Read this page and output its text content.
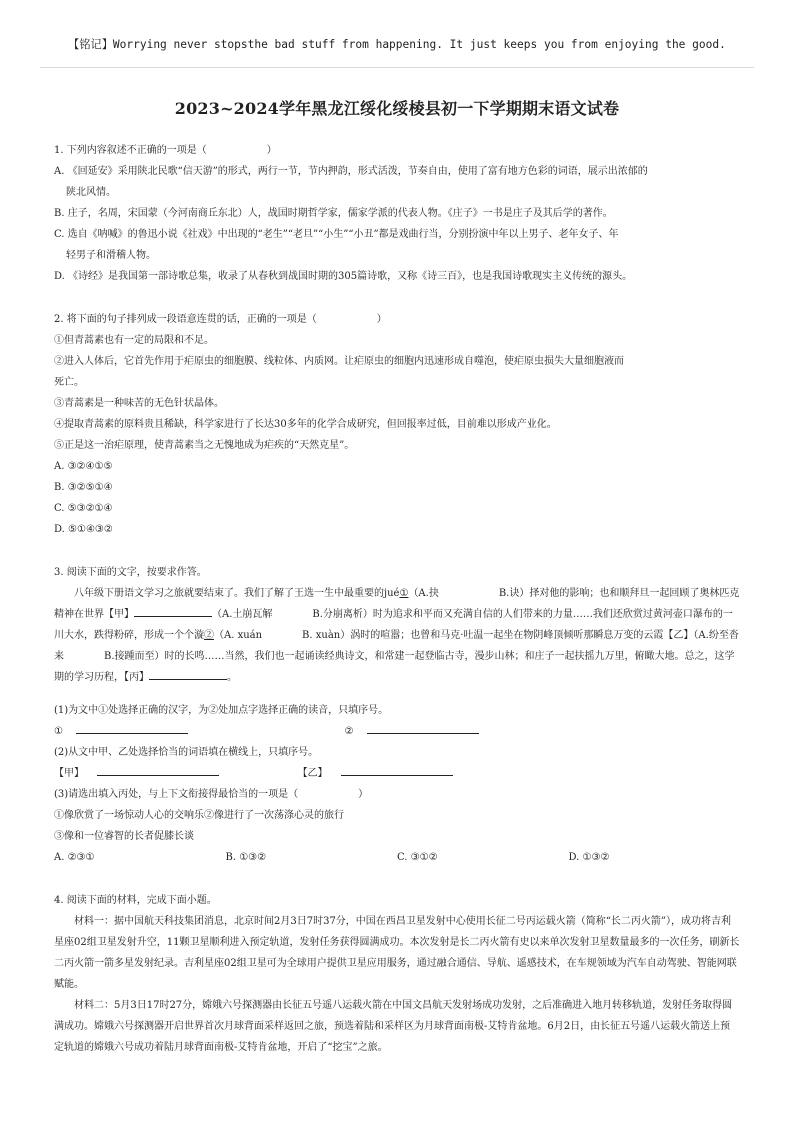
【铭记】Worrying never stopsthe bad stuff from happening. It just keeps you from enjoying the good.
2023~2024学年黑龙江绥化绥棱县初一下学期期末语文试卷
1. 下列内容叙述不正确的一项是（　　　　　　）
A. 《回延安》采用陕北民歌“信天游”的形式，两行一节，节内押韵，形式活泼，节奏自由，使用了富有地方色彩的词语，展示出浓郁的
陕北风情。
B. 庄子，名周，宋国蒙（今河南商丘东北）人，战国时期哲学家，儒家学派的代表人物。《庄子》一书是庄子及其后学的著作。
C. 选自《呐喊》的鲁迅小说《社戏》中出现的“老生”“老旦”“小生”“小丑”都是戏曲行当，分别扮演中年以上男子、老年女子、年
轻男子和滑稽人物。
D. 《诗经》是我国第一部诗歌总集，收录了从春秋到战国时期的305篇诗歌，又称《诗三百》，也是我国诗歌现实主义传统的源头。
2. 将下面的句子排列成一段语意连贯的话，正确的一项是（　　　　　　）
①但青蒿素也有一定的局限和不足。
②进入人体后，它首先作用于疟原虫的细胞膜、线粒体、内质网。让疟原虫的细胞内迅速形成自噬泡，使疟原虫损失大量细胞液而
死亡。
③青蒿素是一种味苦的无色针状晶体。
④提取青蒿素的原料贵且稀缺，科学家进行了长达30多年的化学合成研究，但回报率过低，目前难以形成产业化。
⑤正是这一治疟原理，使青蒿素当之无愧地成为疟疾的“天然克星”。
A. ③②④①⑤
B. ③②⑤①④
C. ⑤③②①④
D. ⑤①④③②
3. 阅读下面的文字，按要求作答。
八年级下册语文学习之旅就要结束了。我们了解了王选一生中最重要的jué①（A.抉　　　　　　B.诀）择对他的影响；也和顺拜旦一起回顾了奥林匹克精神在世界【甲】	（A.土崩瓦解　　　　B.分崩离析）时为追求和平而又充满自信的人们带来的力量……我们还欣赏过黄河壶口瀑布的一川大水，跌得粉碎，形成一个个漩②（A. xuán　　　　B. xuàn）涡时的喧嚣；也曾和马克·吐温一起坐在物阴峰顶倾听那瞬息万变的云霞【乙】（A.纷至沓来　　　　B.接踵而至）时的长鸣……当然，我们也一起诵读经典诗文，和常建一起登临古寺，漫步山林；和庄子一起扶摇九万里，俯瞰大地。总之，这学期的学习历程，【丙】	。
(1)为文中①处选择正确的汉字，为②处加点字选择正确的读音，只填序号。
①	②
(2)从文中甲、乙处选择恰当的词语填在横线上，只填序号。
【甲】	【乙】
(3)请选出填入丙处，与上下文衔接得最恰当的一项是（　　　　　　）
①像欣赏了一场惊动人心的交响乐②像进行了一次荡涤心灵的旅行
③像和一位睿智的长者促膝长谈
A. ②③①	B. ①③②	C. ③①②	D. ①③②
4. 阅读下面的材料，完成下面小题。
材料一：据中国航天科技集团消息，北京时间2月3日7时37分，中国在西昌卫星发射中心使用长征二号丙运载火箭（简称“长二丙火箭”），成功将吉利星座02组卫星发射升空，11颗卫星顺利进入预定轨道，发射任务获得圆满成功。本次发射是长二丙火箭有史以来单次发射卫星数量最多的一次任务，刷新长二丙火箭一箭多星发射纪录。吉利星座02组卫星可为全球用户提供卫星应用服务，通过融合通信、导航、遥感技术，在车规领域为汽车自动驾驶、智能网联赋能。
材料二：5月3日17时27分，嫦娥六号探测器由长征五号遥八运载火箭在中国文昌航天发射场成功发射，之后准确进入地月转移轨道，发射任务取得圆满成功。嫦娥六号探测器开启世界首次月球背面采样返回之旅，预选着陆和采样区为月球背面南极-艾特肯盆地。6月2日，由长征五号遥八运载火箭送上预定轨道的嫦娥六号成功着陆月球背面南极-艾特肯盆地，开启了“挖宝”之旅。
